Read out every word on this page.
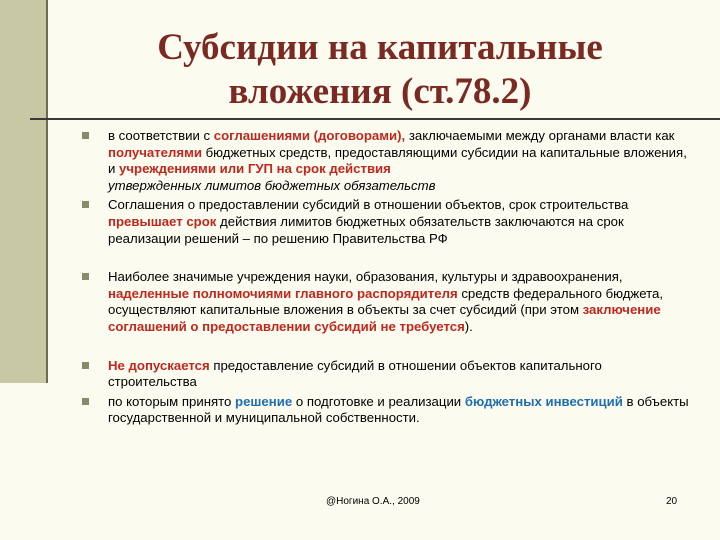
Субсидии на капитальные
вложения (ст.78.2)
в соответствии с соглашениями (договорами), заключаемыми между органами власти как получателями бюджетных средств, предоставляющими субсидии на капитальные вложения, и учреждениями или ГУП на срок действия
утвержденных лимитов бюджетных обязательств
Соглашения о предоставлении субсидий в отношении объектов, срок строительства превышает срок действия лимитов бюджетных обязательств заключаются на срок реализации решений – по решению Правительства РФ
Наиболее значимые учреждения науки, образования, культуры и здравоохранения, наделенные полномочиями главного распорядителя средств федерального бюджета, осуществляют капитальные вложения в объекты за счет субсидий (при этом заключение соглашений о предоставлении субсидий не требуется).
Не допускается предоставление субсидий в отношении объектов капитального строительства
по которым принято решение о подготовке и реализации бюджетных инвестиций в объекты государственной и муниципальной собственности.
@Ногина О.А., 2009	20
